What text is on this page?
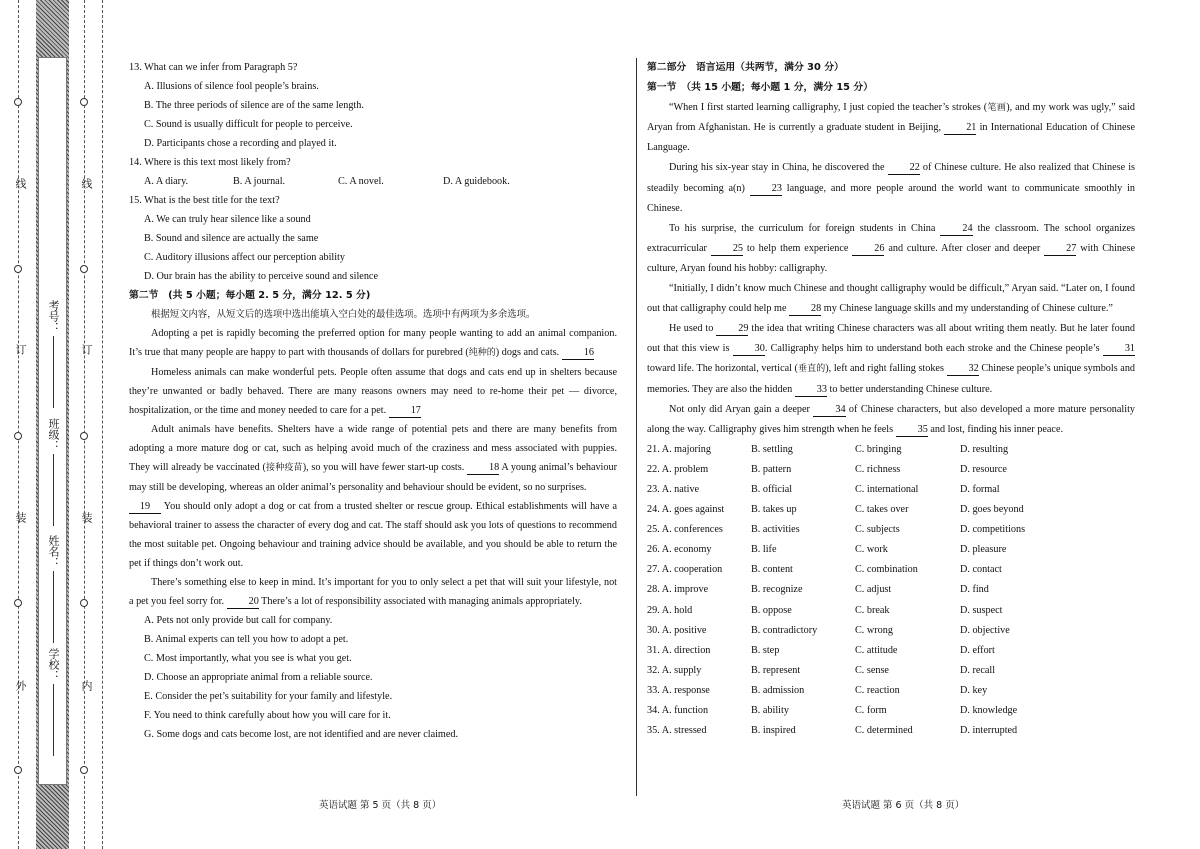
线
订
装
外
线
订
装
内
考号：
班级：
姓名：
学校：

13. What can we infer from Paragraph 5?

A. Illusions of silence fool people’s brains.

B. The three periods of silence are of the same length.

C. Sound is usually difficult for people to perceive.

D. Participants chose a recording and played it.

14. Where is this text most likely from?

A. A diary.	B. A journal.	C. A novel.	D. A guidebook.

15. What is the best title for the text?

A. We can truly hear silence like a sound

B. Sound and silence are actually the same

C. Auditory illusions affect our perception ability

D. Our brain has the ability to perceive sound and silence

第二节　(共 5 小题；每小题 2. 5 分，满分 12. 5 分)

根据短文内容，从短文后的选项中选出能填入空白处的最佳选项。选项中有两项为多余选项。

Adopting a pet is rapidly becoming the preferred option for many people wanting to add an animal companion. It’s true that many people are happy to part with thousands of dollars for purebred (纯种的) dogs and cats. 16

Homeless animals can make wonderful pets. People often assume that dogs and cats end up in shelters because they’re unwanted or badly behaved. There are many reasons owners may need to re-home their pet — divorce, hospitalization, or the time and money needed to care for a pet. 17

Adult animals have benefits. Shelters have a wide range of potential pets and there are many benefits from adopting a more mature dog or cat, such as helping avoid much of the craziness and mess associated with puppies. They will already be vaccinated (接种疫苗), so you will have fewer start-up costs. 18 A young animal’s behaviour may still be developing, whereas an older animal’s personality and behaviour should be evident, so no surprises.

19 You should only adopt a dog or cat from a trusted shelter or rescue group. Ethical establishments will have a behavioral trainer to assess the character of every dog and cat. The staff should ask you lots of questions to recommend the most suitable pet. Ongoing behaviour and training advice should be available, and you should be able to return the pet if things don’t work out.

There’s something else to keep in mind. It’s important for you to only select a pet that will suit your lifestyle, not a pet you feel sorry for. 20 There’s a lot of responsibility associated with managing animals appropriately.

A. Pets not only provide but call for company.

B. Animal experts can tell you how to adopt a pet.

C. Most importantly, what you see is what you get.

D. Choose an appropriate animal from a reliable source.

E. Consider the pet’s suitability for your family and lifestyle.

F. You need to think carefully about how you will care for it.

G. Some dogs and cats become lost, are not identified and are never claimed.

第二部分　语言运用（共两节，满分 30 分）

第一节　（共 15 小题；每小题 1 分，满分 15 分）

“When I first started learning calligraphy, I just copied the teacher’s strokes (笔画), and my work was ugly,” said Aryan from Afghanistan. He is currently a graduate student in Beijing, 21 in International Education of Chinese Language.

During his six-year stay in China, he discovered the 22 of Chinese culture. He also realized that Chinese is steadily becoming a(n) 23 language, and more people around the world want to communicate smoothly in Chinese.

To his surprise, the curriculum for foreign students in China 24 the classroom. The school organizes extracurricular 25 to help them experience 26 and culture. After closer and deeper 27 with Chinese culture, Aryan found his hobby: calligraphy.

“Initially, I didn’t know much Chinese and thought calligraphy would be difficult,” Aryan said. “Later on, I found out that calligraphy could help me 28 my Chinese language skills and my understanding of Chinese culture.”

He used to 29 the idea that writing Chinese characters was all about writing them neatly. But he later found out that this view is 30. Calligraphy helps him to understand both each stroke and the Chinese people’s 31 toward life. The horizontal, vertical (垂直的), left and right falling stokes 32 Chinese people’s unique symbols and memories. They are also the hidden 33 to better understanding Chinese culture.

Not only did Aryan gain a deeper 34 of Chinese characters, but also developed a more mature personality along the way. Calligraphy gives him strength when he feels 35 and lost, finding his inner peace.

21. A. majoring	B. settling	C. bringing	D. resulting
22. A. problem	B. pattern	C. richness	D. resource
23. A. native	B. official	C. international	D. formal
24. A. goes against	B. takes up	C. takes over	D. goes beyond
25. A. conferences	B. activities	C. subjects	D. competitions
26. A. economy	B. life	C. work	D. pleasure
27. A. cooperation	B. content	C. combination	D. contact
28. A. improve	B. recognize	C. adjust	D. find
29. A. hold	B. oppose	C. break	D. suspect
30. A. positive	B. contradictory	C. wrong	D. objective
31. A. direction	B. step	C. attitude	D. effort
32. A. supply	B. represent	C. sense	D. recall
33. A. response	B. admission	C. reaction	D. key
34. A. function	B. ability	C. form	D. knowledge
35. A. stressed	B. inspired	C. determined	D. interrupted
英语试题 第 5 页（共 8 页）	英语试题 第 6 页（共 8 页）
